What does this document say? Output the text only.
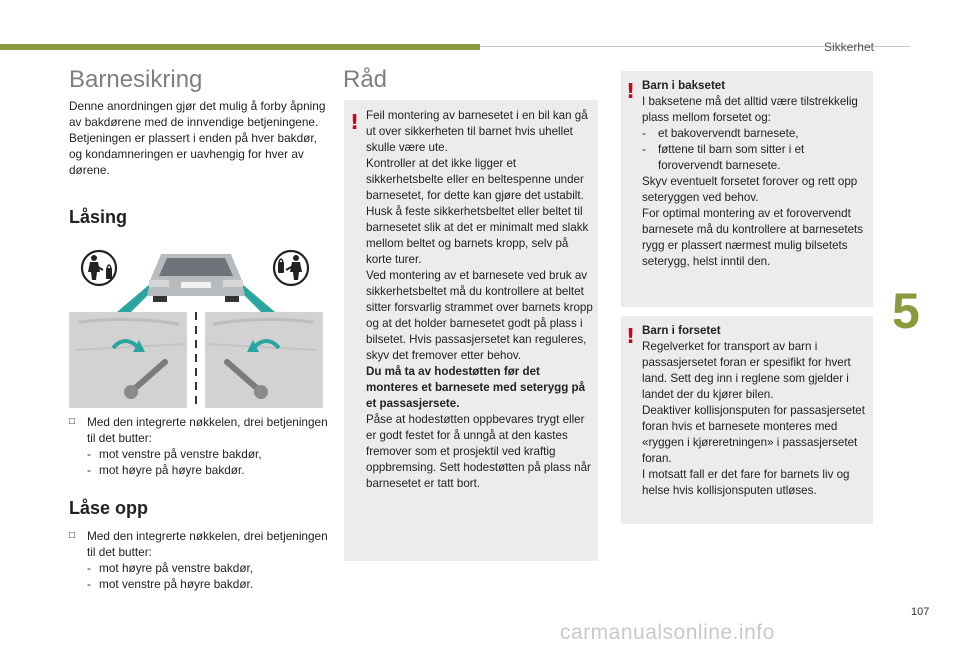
Sikkerhet
5
107
carmanualsonline.info
Barnesikring
Denne anordningen gjør det mulig å forby åpning av bakdørene med de innvendige betjeningene.
Betjeningen er plassert i enden på hver bakdør, og kondamneringen er uavhengig for hver av dørene.
Låsing
□	Med den integrerte nøkkelen, drei betjeningen til det butter:
- mot venstre på venstre bakdør,
- mot høyre på høyre bakdør.
Låse opp
□	Med den integrerte nøkkelen, drei betjeningen til det butter:
- mot høyre på venstre bakdør,
- mot venstre på høyre bakdør.
Råd
! Feil montering av barnesetet i en bil kan gå ut over sikkerheten til barnet hvis uhellet skulle være ute.
Kontroller at det ikke ligger et sikkerhetsbelte eller en beltespenne under barnesetet, for dette kan gjøre det ustabilt.
Husk å feste sikkerhetsbeltet eller beltet til barnesetet slik at det er minimalt med slakk mellom beltet og barnets kropp, selv på korte turer.
Ved montering av et barnesete ved bruk av sikkerhetsbeltet må du kontrollere at beltet sitter forsvarlig strammet over barnets kropp og at det holder barnesetet godt på plass i bilsetet. Hvis passasjersetet kan reguleres, skyv det fremover etter behov.
Du må ta av hodestøtten før det monteres et barnesete med seterygg på et passasjersete.
Påse at hodestøtten oppbevares trygt eller er godt festet for å unngå at den kastes fremover som et prosjektil ved kraftig oppbremsing. Sett hodestøtten på plass når barnesetet er tatt bort.
! Barn i baksetet
I baksetene må det alltid være tilstrekkelig plass mellom forsetet og:
-	et bakovervendt barnesete,
-	føttene til barn som sitter i et forovervendt barnesete.
Skyv eventuelt forsetet forover og rett opp seteryggen ved behov.
For optimal montering av et forovervendt barnesete må du kontrollere at barnesetets rygg er plassert nærmest mulig bilsetets seterygg, helst inntil den.
! Barn i forsetet
Regelverket for transport av barn i passasjersetet foran er spesifikt for hvert land. Sett deg inn i reglene som gjelder i landet der du kjører bilen.
Deaktiver kollisjonsputen for passasjersetet foran hvis et barnesete monteres med «ryggen i kjøreretningen» i passasjersetet foran.
I motsatt fall er det fare for barnets liv og helse hvis kollisjonsputen utløses.
